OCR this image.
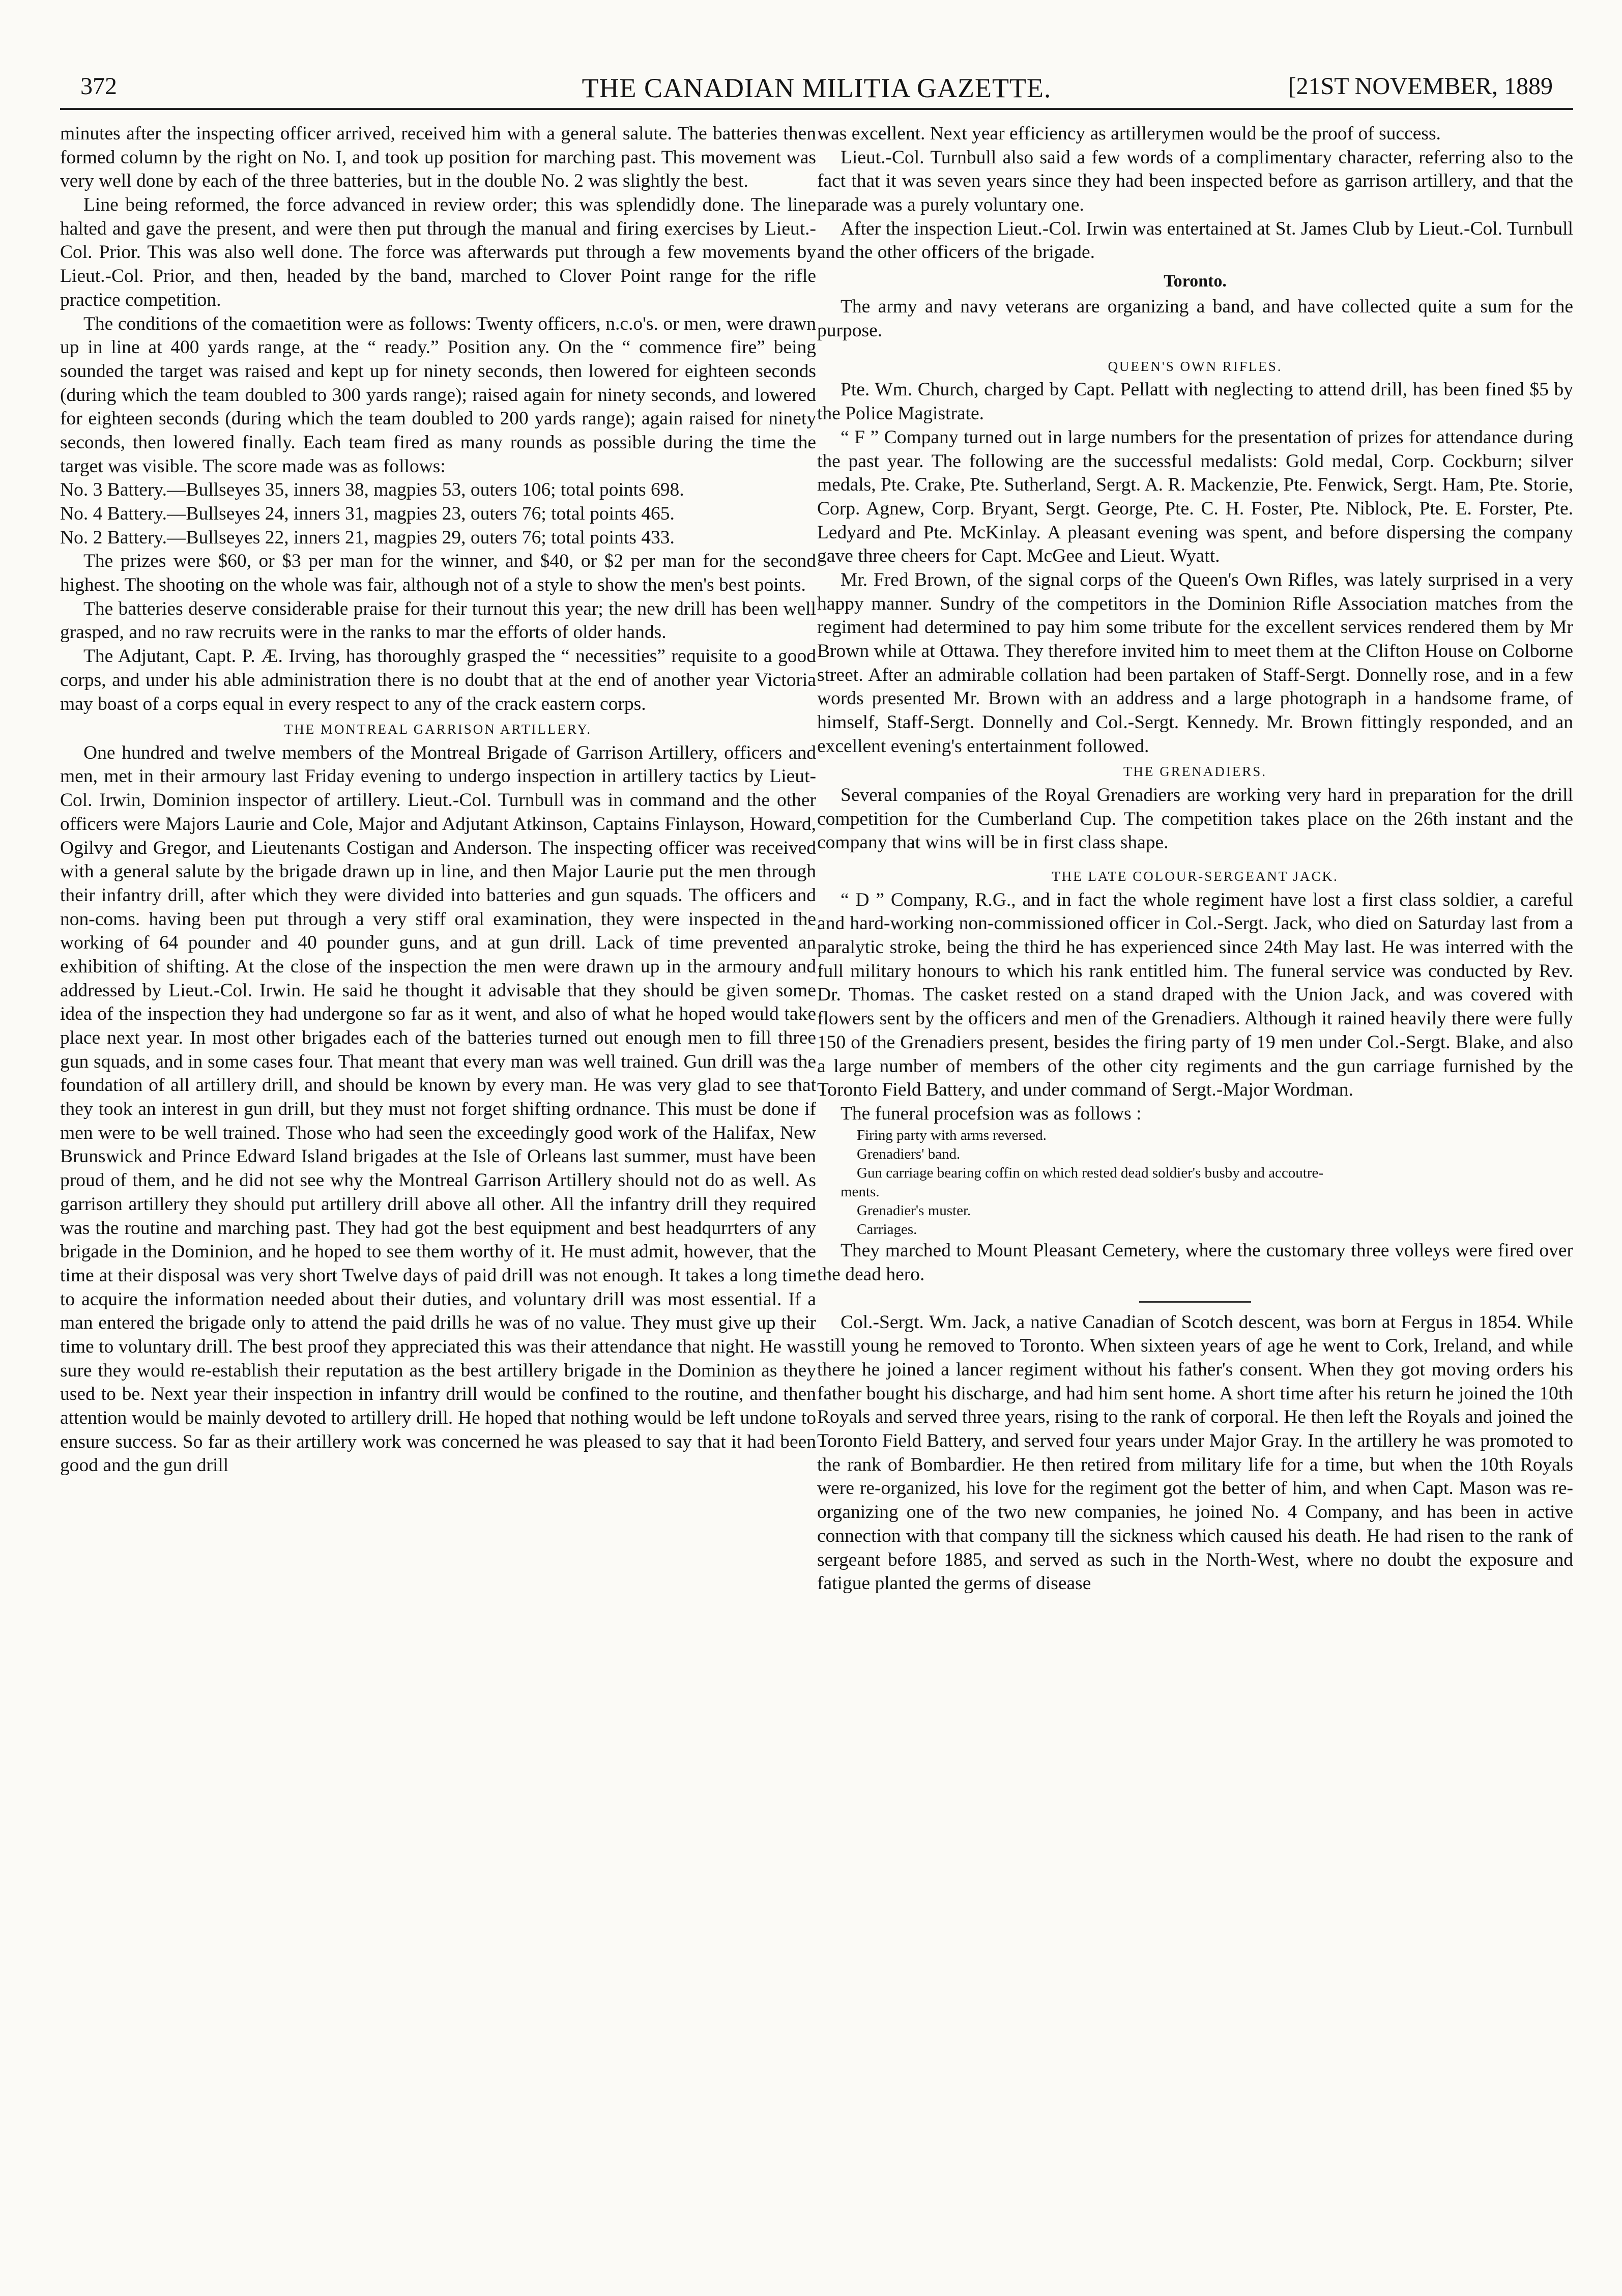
372	THE CANADIAN MILITIA GAZETTE.	[21ST NOVEMBER, 1889

minutes after the inspecting officer arrived, received him with a general salute. The batteries then formed column by the right on No. I, and took up position for marching past. This movement was very well done by each of the three batteries, but in the double No. 2 was slightly the best.

Line being reformed, the force advanced in review order; this was splendidly done. The line halted and gave the present, and were then put through the manual and firing exercises by Lieut.-Col. Prior. This was also well done. The force was afterwards put through a few movements by Lieut.-Col. Prior, and then, headed by the band, marched to Clover Point range for the rifle practice competition.

The conditions of the comaetition were as follows: Twenty officers, n.c.o's. or men, were drawn up in line at 400 yards range, at the “ ready.” Position any. On the “ commence fire” being sounded the target was raised and kept up for ninety seconds, then lowered for eighteen seconds (during which the team doubled to 300 yards range); raised again for ninety seconds, and lowered for eighteen seconds (during which the team doubled to 200 yards range); again raised for ninety seconds, then lowered finally. Each team fired as many rounds as possible during the time the target was visible. The score made was as follows:

No. 3 Battery.—Bullseyes 35, inners 38, magpies 53, outers 106; total points 698.

No. 4 Battery.—Bullseyes 24, inners 31, magpies 23, outers 76; total points 465.

No. 2 Battery.—Bullseyes 22, inners 21, magpies 29, outers 76; total points 433.

The prizes were $60, or $3 per man for the winner, and $40, or $2 per man for the second highest. The shooting on the whole was fair, although not of a style to show the men's best points.

The batteries deserve considerable praise for their turnout this year; the new drill has been well grasped, and no raw recruits were in the ranks to mar the efforts of older hands.

The Adjutant, Capt. P. Æ. Irving, has thoroughly grasped the “ necessities” requisite to a good corps, and under his able administration there is no doubt that at the end of another year Victoria may boast of a corps equal in every respect to any of the crack eastern corps.

THE MONTREAL GARRISON ARTILLERY.

One hundred and twelve members of the Montreal Brigade of Garrison Artillery, officers and men, met in their armoury last Friday evening to undergo inspection in artillery tactics by Lieut-Col. Irwin, Dominion inspector of artillery. Lieut.-Col. Turnbull was in command and the other officers were Majors Laurie and Cole, Major and Adjutant Atkinson, Captains Finlayson, Howard, Ogilvy and Gregor, and Lieutenants Costigan and Anderson. The inspecting officer was received with a general salute by the brigade drawn up in line, and then Major Laurie put the men through their infantry drill, after which they were divided into batteries and gun squads. The officers and non-coms. having been put through a very stiff oral examination, they were inspected in the working of 64 pounder and 40 pounder guns, and at gun drill. Lack of time prevented an exhibition of shifting. At the close of the inspection the men were drawn up in the armoury and addressed by Lieut.-Col. Irwin. He said he thought it advisable that they should be given some idea of the inspection they had undergone so far as it went, and also of what he hoped would take place next year. In most other brigades each of the batteries turned out enough men to fill three gun squads, and in some cases four. That meant that every man was well trained. Gun drill was the foundation of all artillery drill, and should be known by every man. He was very glad to see that they took an interest in gun drill, but they must not forget shifting ordnance. This must be done if men were to be well trained. Those who had seen the exceedingly good work of the Halifax, New Brunswick and Prince Edward Island brigades at the Isle of Orleans last summer, must have been proud of them, and he did not see why the Montreal Garrison Artillery should not do as well. As garrison artillery they should put artillery drill above all other. All the infantry drill they required was the routine and marching past. They had got the best equipment and best headqurrters of any brigade in the Dominion, and he hoped to see them worthy of it. He must admit, however, that the time at their disposal was very short Twelve days of paid drill was not enough. It takes a long time to acquire the information needed about their duties, and voluntary drill was most essential. If a man entered the brigade only to attend the paid drills he was of no value. They must give up their time to voluntary drill. The best proof they appreciated this was their attendance that night. He was sure they would re-establish their reputation as the best artillery brigade in the Dominion as they used to be. Next year their inspection in infantry drill would be confined to the routine, and then attention would be mainly devoted to artillery drill. He hoped that nothing would be left undone to ensure success. So far as their artillery work was concerned he was pleased to say that it had been good and the gun drill

was excellent. Next year efficiency as artillerymen would be the proof of success.

Lieut.-Col. Turnbull also said a few words of a complimentary character, referring also to the fact that it was seven years since they had been inspected before as garrison artillery, and that the parade was a purely voluntary one.

After the inspection Lieut.-Col. Irwin was entertained at St. James Club by Lieut.-Col. Turnbull and the other officers of the brigade.

Toronto.

The army and navy veterans are organizing a band, and have collected quite a sum for the purpose.

QUEEN'S OWN RIFLES.

Pte. Wm. Church, charged by Capt. Pellatt with neglecting to attend drill, has been fined $5 by the Police Magistrate.

“ F ” Company turned out in large numbers for the presentation of prizes for attendance during the past year. The following are the successful medalists: Gold medal, Corp. Cockburn; silver medals, Pte. Crake, Pte. Sutherland, Sergt. A. R. Mackenzie, Pte. Fenwick, Sergt. Ham, Pte. Storie, Corp. Agnew, Corp. Bryant, Sergt. George, Pte. C. H. Foster, Pte. Niblock, Pte. E. Forster, Pte. Ledyard and Pte. McKinlay. A pleasant evening was spent, and before dispersing the company gave three cheers for Capt. McGee and Lieut. Wyatt.

Mr. Fred Brown, of the signal corps of the Queen's Own Rifles, was lately surprised in a very happy manner. Sundry of the competitors in the Dominion Rifle Association matches from the regiment had determined to pay him some tribute for the excellent services rendered them by Mr Brown while at Ottawa. They therefore invited him to meet them at the Clifton House on Colborne street. After an admirable collation had been partaken of Staff-Sergt. Donnelly rose, and in a few words presented Mr. Brown with an address and a large photograph in a handsome frame, of himself, Staff-Sergt. Donnelly and Col.-Sergt. Kennedy. Mr. Brown fittingly responded, and an excellent evening's entertainment followed.

THE GRENADIERS.

Several companies of the Royal Grenadiers are working very hard in preparation for the drill competition for the Cumberland Cup. The competition takes place on the 26th instant and the company that wins will be in first class shape.

THE LATE COLOUR-SERGEANT JACK.

“ D ” Company, R.G., and in fact the whole regiment have lost a first class soldier, a careful and hard-working non-commissioned officer in Col.-Sergt. Jack, who died on Saturday last from a paralytic stroke, being the third he has experienced since 24th May last. He was interred with the full military honours to which his rank entitled him. The funeral service was conducted by Rev. Dr. Thomas. The casket rested on a stand draped with the Union Jack, and was covered with flowers sent by the officers and men of the Grenadiers. Although it rained heavily there were fully 150 of the Grenadiers present, besides the firing party of 19 men under Col.-Sergt. Blake, and also a large number of members of the other city regiments and the gun carriage furnished by the Toronto Field Battery, and under command of Sergt.-Major Wordman.

The funeral procefsion was as follows :

Firing party with arms reversed.

Grenadiers' band.

Gun carriage bearing coffin on which rested dead soldier's busby and accoutre-

ments.

Grenadier's muster.

Carriages.

They marched to Mount Pleasant Cemetery, where the customary three volleys were fired over the dead hero.

Col.-Sergt. Wm. Jack, a native Canadian of Scotch descent, was born at Fergus in 1854. While still young he removed to Toronto. When sixteen years of age he went to Cork, Ireland, and while there he joined a lancer regiment without his father's consent. When they got moving orders his father bought his discharge, and had him sent home. A short time after his return he joined the 10th Royals and served three years, rising to the rank of corporal. He then left the Royals and joined the Toronto Field Battery, and served four years under Major Gray. In the artillery he was promoted to the rank of Bombardier. He then retired from military life for a time, but when the 10th Royals were re-organized, his love for the regiment got the better of him, and when Capt. Mason was re-organizing one of the two new companies, he joined No. 4 Company, and has been in active connection with that company till the sickness which caused his death. He had risen to the rank of sergeant before 1885, and served as such in the North-West, where no doubt the exposure and fatigue planted the germs of disease
